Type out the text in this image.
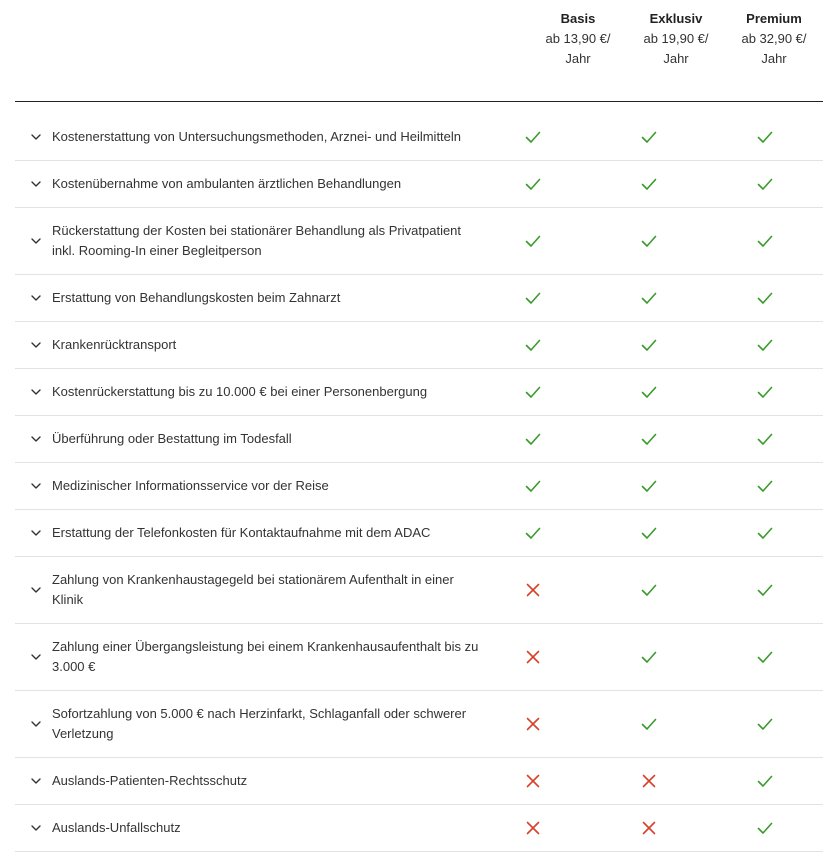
Basis
ab 13,90 €/
Jahr
Exklusiv
ab 19,90 €/
Jahr
Premium
ab 32,90 €/
Jahr
Kostenerstattung von Untersuchungsmethoden, Arznei- und Heilmitteln
Kostenübernahme von ambulanten ärztlichen Behandlungen
Rückerstattung der Kosten bei stationärer Behandlung als Privatpatient inkl. Rooming-In einer Begleitperson
Erstattung von Behandlungskosten beim Zahnarzt
Krankenrücktransport
Kostenrückerstattung bis zu 10.000 € bei einer Personenbergung
Überführung oder Bestattung im Todesfall
Medizinischer Informationsservice vor der Reise
Erstattung der Telefonkosten für Kontaktaufnahme mit dem ADAC
Zahlung von Krankenhaustagegeld bei stationärem Aufenthalt in einer Klinik
Zahlung einer Übergangsleistung bei einem Krankenhausaufenthalt bis zu 3.000 €
Sofortzahlung von 5.000 € nach Herzinfarkt, Schlaganfall oder schwerer Verletzung
Auslands-Patienten-Rechtsschutz
Auslands-Unfallschutz
